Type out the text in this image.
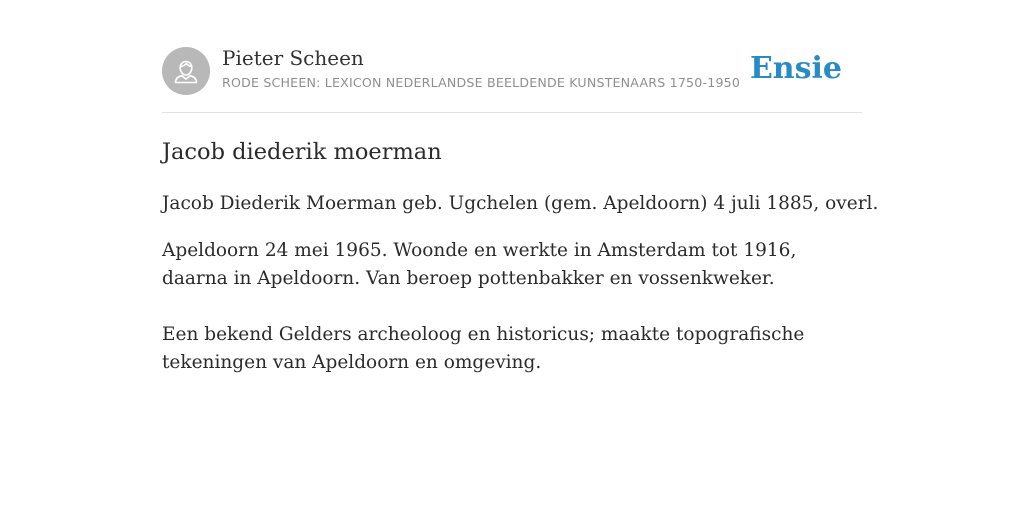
Pieter Scheen
RODE SCHEEN: LEXICON NEDERLANDSE BEELDENDE KUNSTENAARS 1750-1950 Ensie
Jacob diederik moerman

Jacob Diederik Moerman geb. Ugchelen (gem. Apeldoorn) 4 juli 1885, overl.

Apeldoorn 24 mei 1965. Woonde en werkte in Amsterdam tot 1916, daarna in Apeldoorn. Van beroep pottenbakker en vossenkweker.

Een bekend Gelders archeoloog en historicus; maakte topografische tekeningen van Apeldoorn en omgeving.
